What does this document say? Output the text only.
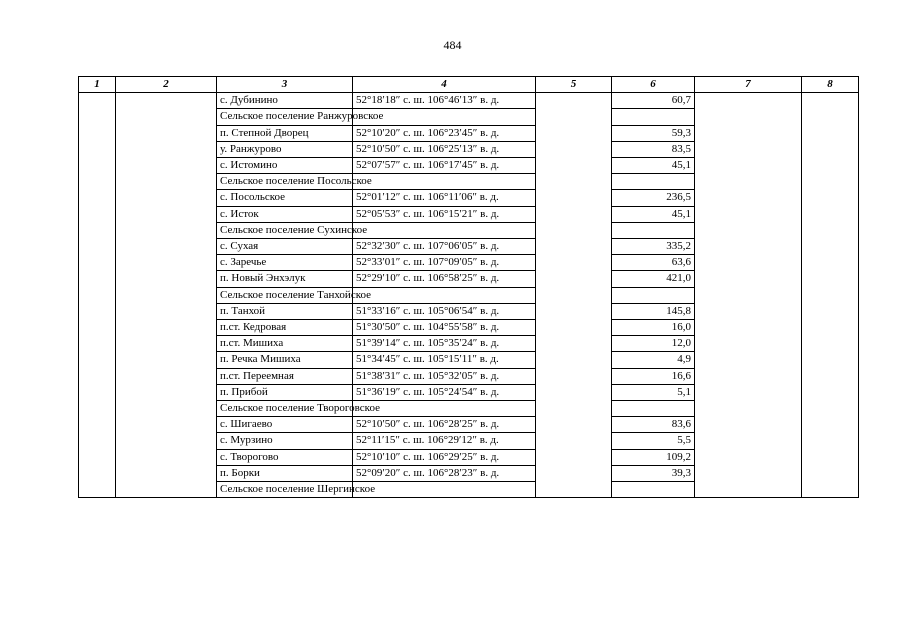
484
1	2	3	4	5	6	7	8
		с. Дубинино	52°18′18″ с. ш. 106°46′13″ в. д.		60,7		
		Сельское поселение Ранжуровское					
		п. Степной Дворец	52°10′20″ с. ш. 106°23′45″ в. д.		59,3		
		у. Ранжурово	52°10′50″ с. ш. 106°25′13″ в. д.		83,5		
		с. Истомино	52°07′57″ с. ш. 106°17′45″ в. д.		45,1		
		Сельское поселение Посольское					
		с. Посольское	52°01′12″ с. ш. 106°11′06″ в. д.		236,5		
		с. Исток	52°05′53″ с. ш. 106°15′21″ в. д.		45,1		
		Сельское поселение Сухинское					
		с. Сухая	52°32′30″ с. ш. 107°06′05″ в. д.		335,2		
		с. Заречье	52°33′01″ с. ш. 107°09′05″ в. д.		63,6		
		п. Новый Энхэлук	52°29′10″ с. ш. 106°58′25″ в. д.		421,0		
		Сельское поселение Танхойское					
		п. Танхой	51°33′16″ с. ш. 105°06′54″ в. д.		145,8		
		п.ст. Кедровая	51°30′50″ с. ш. 104°55′58″ в. д.		16,0		
		п.ст. Мишиха	51°39′14″ с. ш. 105°35′24″ в. д.		12,0		
		п. Речка Мишиха	51°34′45″ с. ш. 105°15′11″ в. д.		4,9		
		п.ст. Переемная	51°38′31″ с. ш. 105°32′05″ в. д.		16,6		
		п. Прибой	51°36′19″ с. ш. 105°24′54″ в. д.		5,1		
		Сельское поселение Твороговское					
		с. Шигаево	52°10′50″ с. ш. 106°28′25″ в. д.		83,6		
		с. Мурзино	52°11′15″ с. ш. 106°29′12″ в. д.		5,5		
		с. Творогово	52°10′10″ с. ш. 106°29′25″ в. д.		109,2		
		п. Борки	52°09′20″ с. ш. 106°28′23″ в. д.		39,3		
		Сельское поселение Шергинское					
